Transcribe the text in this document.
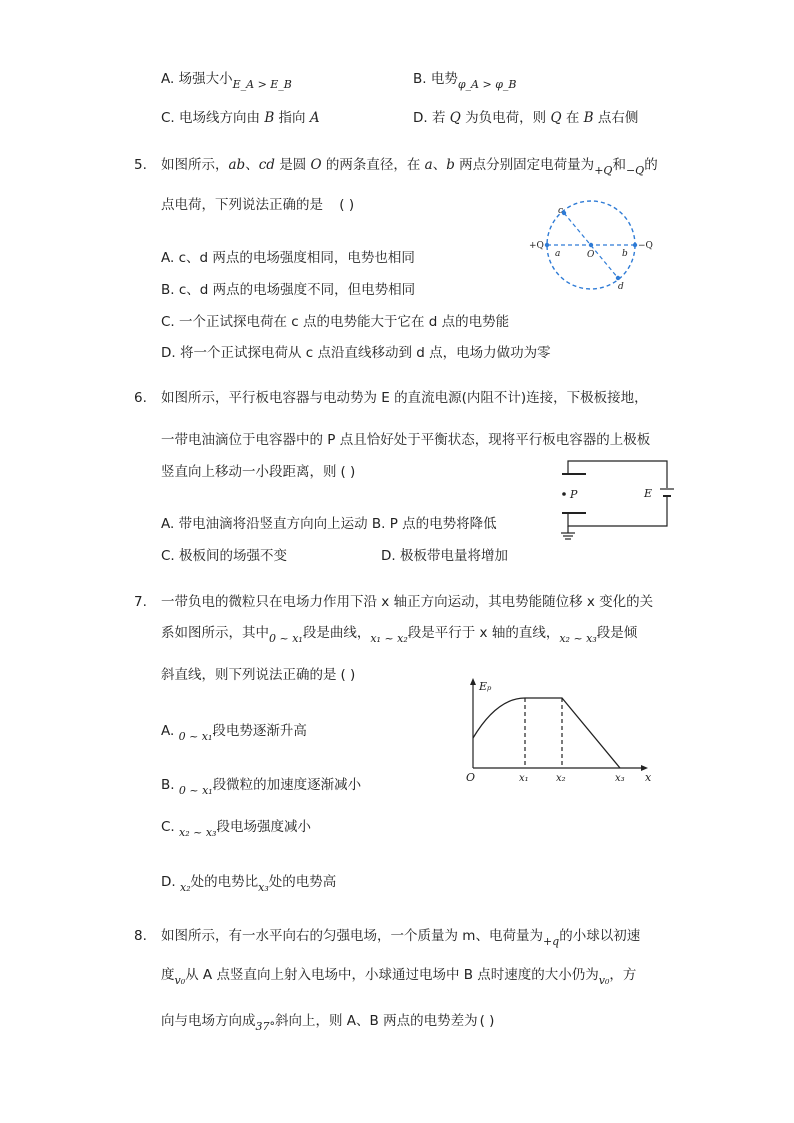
A. 场强大小$_{E\_A > E\_B}$	B. 电势$_{\varphi\_A > \varphi\_B}$
C. 电场线方向由 B 指向 A	D. 若 Q 为负电荷，则 Q 在 B 点右侧
5. 如图所示，ab、cd 是圆 O 的两条直径，在 a、b 两点分别固定电荷量为$_{+Q}$和$_{-Q}$的
点电荷，下列说法正确的是 ( )
A. c、d 两点的电场强度相同，电势也相同
B. c、d 两点的电场强度不同，但电势相同
C. 一个正试探电荷在 c 点的电势能大于它在 d 点的电势能
D. 将一个正试探电荷从 c 点沿直线移动到 d 点，电场力做功为零
c
d
a	b
O
+Q	−Q
6. 如图所示，平行板电容器与电动势为 E 的直流电源(内阻不计)连接，下极板接地，
一带电油滴位于电容器中的 P 点且恰好处于平衡状态，现将平行板电容器的上极板
竖直向上移动一小段距离，则 ( )
A. 带电油滴将沿竖直方向向上运动 B. P 点的电势将降低
C. 极板间的场强不变	D. 极板带电量将增加
P	E
7. 一带负电的微粒只在电场力作用下沿 x 轴正方向运动，其电势能随位移 x 变化的关
系如图所示，其中$_{0 \sim x_1}$段是曲线，$_{x_1 \sim x_2}$段是平行于 x 轴的直线，$_{x_2 \sim x_3}$段是倾
斜直线，则下列说法正确的是 ( )
A. $_{0 \sim x_1}$段电势逐渐升高
B. $_{0 \sim x_1}$段微粒的加速度逐渐减小
C. $_{x_2 \sim x_3}$段电场强度减小
D. $_{x_2}$处的电势比$_{x_3}$处的电势高
Eₚ
O	x₁	x₂	x₃ x
8. 如图所示，有一水平向右的匀强电场，一个质量为 m、电荷量为$_{+q}$的小球以初速
度$_{v_0}$从 A 点竖直向上射入电场中，小球通过电场中 B 点时速度的大小仍为$_{v_0}$，方
向与电场方向成$_{37^\circ}$斜向上，则 A、B 两点的电势差为 ( )
